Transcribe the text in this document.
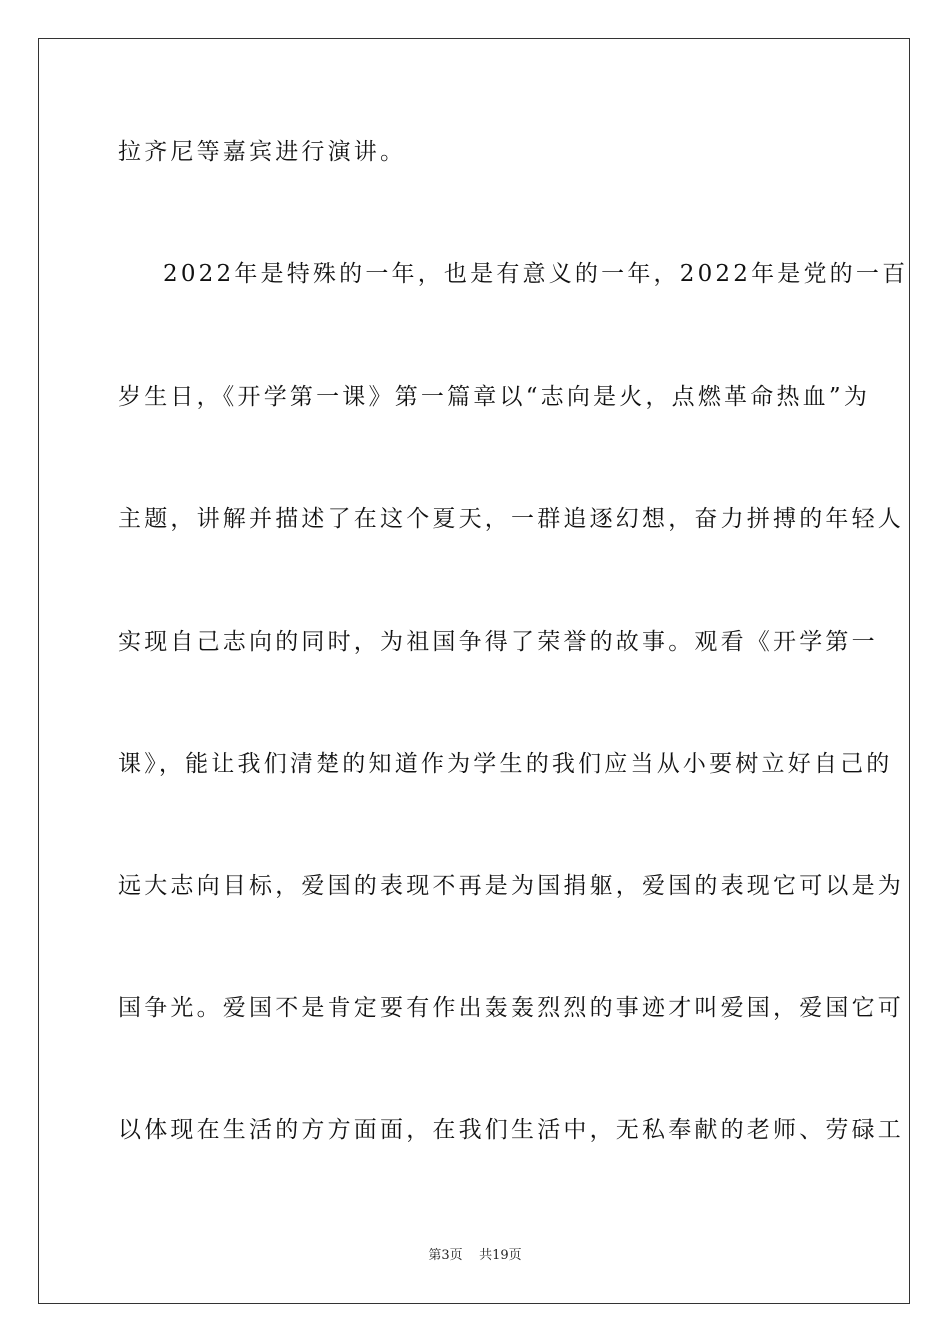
拉齐尼等嘉宾进行演讲。
2022年是特殊的一年，也是有意义的一年，2022年是党的一百
岁生日，《开学第一课》第一篇章以“志向是火，点燃革命热血”为
主题，讲解并描述了在这个夏天，一群追逐幻想，奋力拼搏的年轻人
实现自己志向的同时，为祖国争得了荣誉的故事。观看《开学第一
课》，能让我们清楚的知道作为学生的我们应当从小要树立好自己的
远大志向目标，爱国的表现不再是为国捐躯，爱国的表现它可以是为
国争光。爱国不是肯定要有作出轰轰烈烈的事迹才叫爱国，爱国它可
以体现在生活的方方面面，在我们生活中，无私奉献的老师、劳碌工
第3页 共19页
